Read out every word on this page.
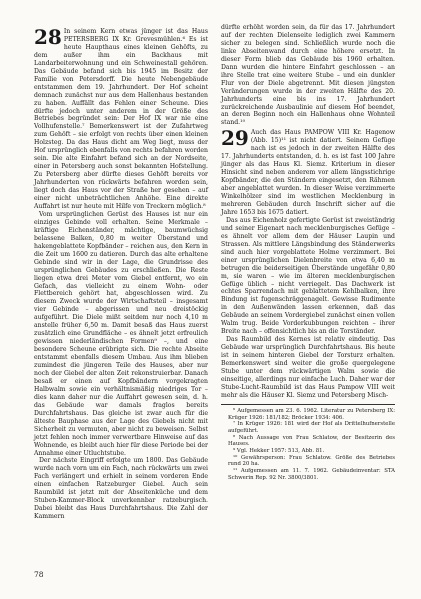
28 In seinem Kern etwas jünger ist das Haus PETERSBERG IX Kr. Grevesmühlen.⁶ Es ist heute Haupthaus eines kleinen Gehöfts, zu dem außer ihm ein Backhaus mit Landarbeiterwohnung und ein Schweinestall gehören. Das Gebäude befand sich bis 1945 im Besitz der Familie von Petersdorff. Die heute Nebengebäude entstammen dem 19. Jahrhundert. Der Hof scheint demnach zunächst nur aus dem Hallenhaus bestanden zu haben. Auffällt das Fehlen einer Scheune. Dies dürfte jedoch unter anderem in der Größe des Betriebes begründet sein: Der Hof IX war nie eine Vollhufenstelle.⁷ Bemerkenswert ist der Zufahrtweg zum Gehöft – sie erfolgt von rechts über einen kleinen Holzsteg. Da das Haus dicht am Weg liegt, muss der Hof ursprünglich ebenfalls von rechts befahren worden sein. Die alte Einfahrt befand sich an der Nordseite, einer in Petersberg auch sonst bekannten Hofstellung. Zu Petersberg aber dürfte dieses Gehöft bereits vor Jahrhunderten von rückwärts befahren worden sein, liegt doch das Haus vor der Straße her gesehen – auf einer nicht unbeträchtlichen Anhöhe. Eine direkte Auffahrt ist nur heute mit Hilfe von Treckern möglich.⁸

Vom ursprünglichen Gerüst des Hauses ist nur ein einziges Gebinde voll erhalten. Seine Merkmale – kräftige Eichenständer, mächtige, baumwüchsig belassene Balken, 0,80 m weiter Überstand und hakengeblattete Kopfbänder – reichen aus, den Kern in die Zeit um 1600 zu datieren. Durch das alte erhaltene Gebinde sind wir in der Lage, die Grundrisse des ursprünglichen Gebäudes zu erschließen. Die Reste liegen etwa drei Meter vom Giebel entfernt, wo ein Gefach, das vielleicht zu einem Wohn- oder Flettbereich gehört hat, abgeschlossen wird. Zu diesem Zweck wurde der Wirtschaftsteil – insgesamt vier Gebinde – abgerissen und neu dreistöckig aufgeführt. Die Diele mißt seitdem nur noch 4,10 m anstelle früher 6,50 m. Damit besaß das Haus zuerst zusätzlich eine Grundfläche – es ähnelt jetzt erfreulich gewissen niederländischen Formen⁹ –, und eine besondere Scheune erübrigte sich. Die rechte Abseite entstammt ebenfalls diesem Umbau. Aus ihm blieben zumindest die jüngeren Teile des Hauses, aber nur noch der Giebel der alten Zeit rekonstruierbar. Danach besaß er einen auf Kopfbändern vorgekragten Halbwalm sowie ein verhältnismäßig niedriges Tor – dies kann daher nur die Auffahrt gewesen sein, d. h. das Gebäude war damals fraglos bereits Durchfahrtshaus. Das gleiche ist zwar auch für die älteste Bauphase aus der Lage des Giebels nicht mit Sicherheit zu vermuten, aber nicht zu beweisen. Selbst jetzt fehlen noch immer verwertbare Hinweise auf das Wohnende, es bleibt auch hier für diese Periode bei der Annahme einer Utluchtstube.

Der nächste Eingriff erfolgte um 1800. Das Gebäude wurde nach vorn um ein Fach, nach rückwärts um zwei Fach verlängert und erhielt in seinem vorderen Ende einen einfachen Ratzeburger Giebel. Auch sein Raumbild ist jetzt mit der Abseitenküche und dem Stuben-Kammer-Block unverkennbar ratzeburgisch. Dabei bleibt das Haus Durchfahrtshaus. Die Zahl der Kammern

dürfte erhöht worden sein, da für das 17. Jahrhundert auf der rechten Dielenseite lediglich zwei Kammern sicher zu belegen sind. Schließlich wurde noch die linke Abseitenwand durch eine höhere ersetzt. In dieser Form blieb das Gebäude bis 1960 erhalten. Dann wurden die hintere Einfahrt geschlossen – an ihre Stelle trat eine weitere Stube – und ein dunkler Flur von der Diele abgetrennt. Mit diesen jüngsten Veränderungen wurde in der zweiten Hälfte des 20. Jahrhunderts eine bis ins 17. Jahrhundert zurückreichende Ausbaulinie auf diesem Hof beendet, an deren Beginn noch ein Hallenhaus ohne Wohnteil stand.¹⁰

29 Auch das Haus PAMPOW VIII Kr. Hagenow (Abb. 15)¹¹ ist nicht datiert. Seinem Gefüge nach ist es jedoch in der zweiten Hälfte des 17. Jahrhunderts entstanden, d. h. es ist fast 100 Jahre jünger als das Haus Kl. Siemz. Kriterium in dieser Hinsicht sind neben anderem vor allem längsstichrige Kopfbänder, die den Ständern eingesetzt, den Rähmen aber angeblattet wurden. In dieser Weise verzimmerte Winkelhölzer sind im westlichen Mecklenburg in mehreren Gebäuden durch Inschrift sicher auf die Jahre 1653 bis 1675 datiert.

Das aus Eichenholz gefertigte Gerüst ist zweiständrig und seiner Eigenart nach mecklenburgisches Gefüge – es ähnelt vor allem dem der Häuser Laupin und Strassen. Als mittlere Längsbindung des Ständerwerks sind auch hier vorgeblattete Holme verzimmert. Bei einer ursprünglichen Dielenbreite von etwa 6,40 m betrugen die beiderseitigen Überstände ungefähr 0,80 m, sie waren – wie im älteren mecklenburgischen Gefüge üblich – nicht verriegelt. Das Dachwerk ist echtes Sparrendach mit geblattetem Kehlbalken, ihre Bindung ist fugenschräggenagelt. Gewisse Rudimente in den Außenwänden lassen erkennen, daß das Gebäude an seinem Vordergiebel zunächst einen vollen Walm trug. Beide Vorderkubbungen reichten – ihrer Breite nach – offensichtlich bis an die Torständer.

Das Raumbild des Kernes ist relativ eindeutig. Das Gebäude war ursprünglich Durchfahrtshaus. Bis heute ist in seinem hinteren Giebel der Torsturz erhalten. Bemerkenswert sind weiter die große quergelegene Stube unter dem rückwärtigen Walm sowie die einseitige, allerdings nur einfache Luch. Daher war der Stube-Lucht-Raumbild ist das Haus Pampow VIII weit mehr als die Häuser Kl. Siemz und Petersberg Misch-

⁶ Aufgemessen am 23. 6. 1962. Literatur zu Petersberg IX: Krüger 1926: 181/182; Bröcker 1934: 406.

⁷ In Krüger 1926: 181 wird der Hof als Drittelhufnerstelle aufgeführt.

⁸ Nach Aussage von Frau Schlatow, der Besitzerin des Hauses.

⁹ Vgl. Hekker 1957: 513, Abb. 81.

¹⁰ Gewährsperson: Frau Schlatow. Größe des Betriebes rund 20 ha.

¹¹ Aufgemessen am 11. 7. 1962. Gebäudeinventar: STA Schwerin Rep. 92 Nr. 3800/3801.

78
